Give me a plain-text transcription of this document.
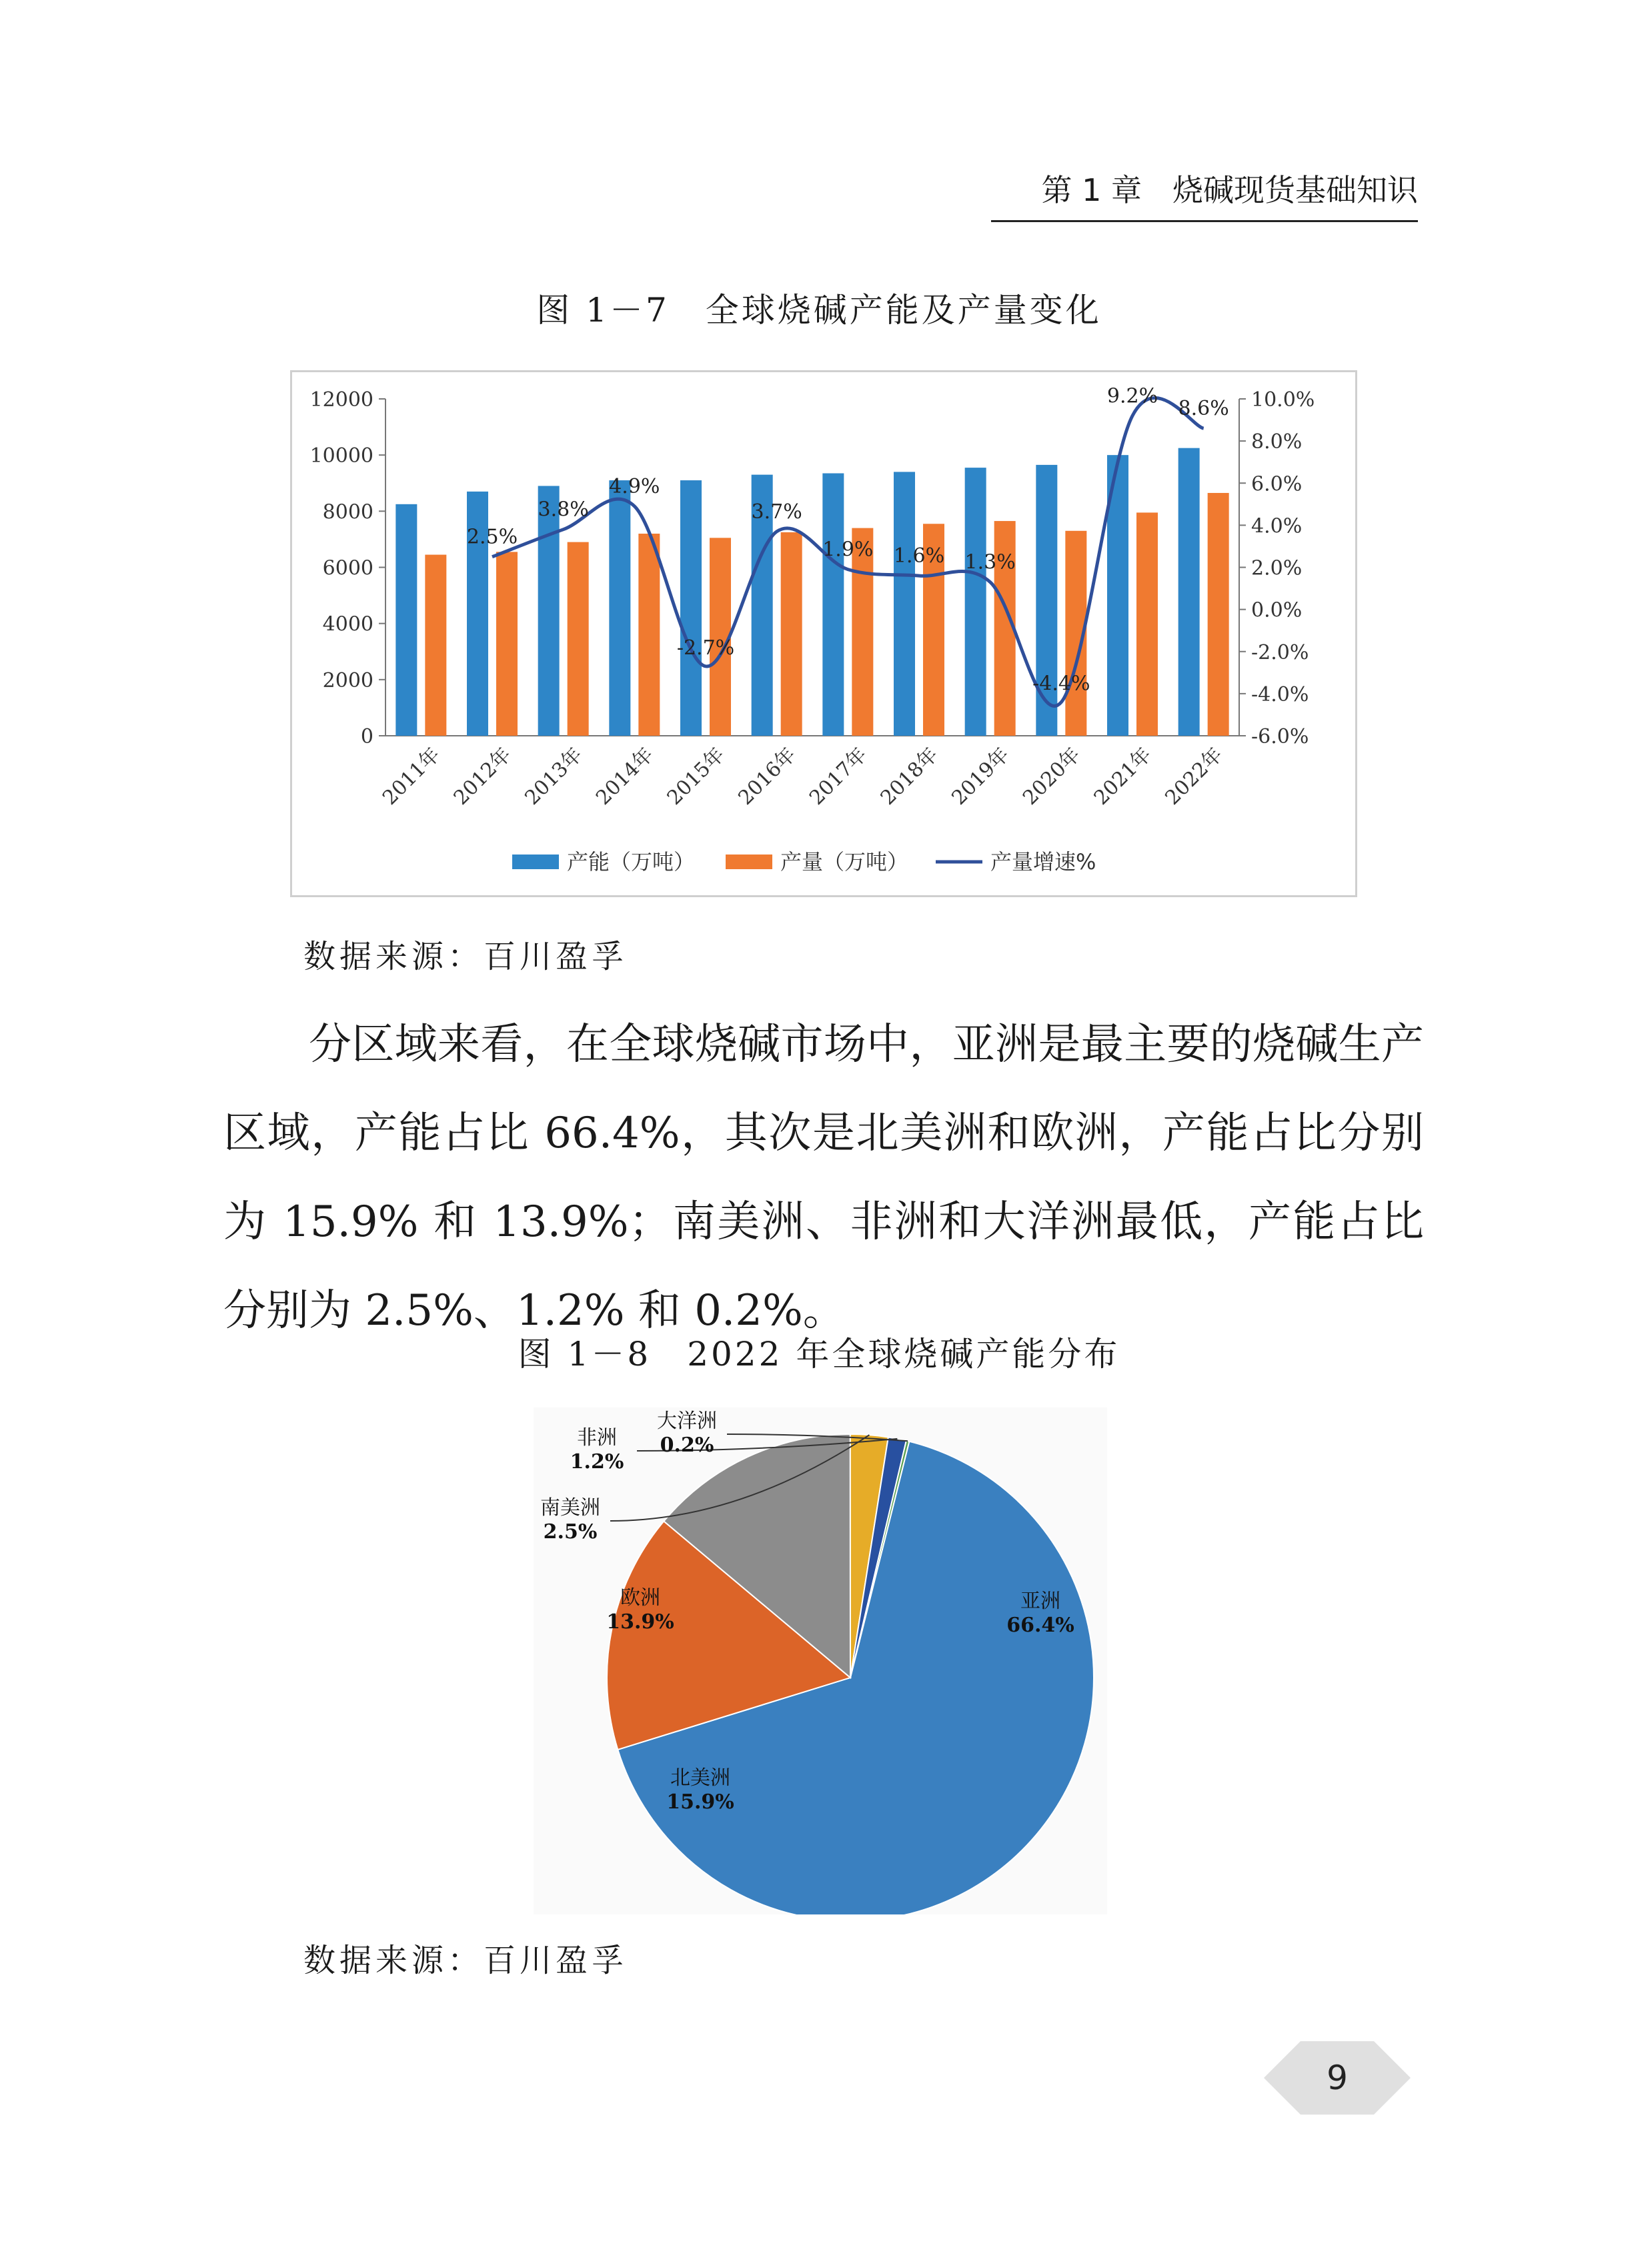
第 1 章　烧碱现货基础知识
图 1－7　全球烧碱产能及产量变化
0
2000
4000
6000
8000
10000
12000
-6.0%
-4.0%
-2.0%
0.0%
2.0%
4.0%
6.0%
8.0%
10.0%
2011年 2012年 2013年 2014年 2015年 2016年 2017年 2018年 2019年 2020年 2021年 2022年
2.5%
3.8%
4.9%
-2.7%
3.7%
1.9% 1.6% 1.3%
-4.4%
9.2%
8.6%
产能（万吨）	产量（万吨）	产量增速%
数据来源：百川盈孚

分区域来看，在全球烧碱市场中，亚洲是最主要的烧碱生产区域，产能占比 66.4%，其次是北美洲和欧洲，产能占比分别为 15.9% 和 13.9%；南美洲、非洲和大洋洲最低，产能占比分别为 2.5%、1.2% 和 0.2%。

图 1－8　2022 年全球烧碱产能分布
亚洲
66.4%
北美洲
15.9%
欧洲
13.9%
南美洲
2.5%
非洲
1.2%
大洋洲
0.2%
数据来源：百川盈孚
9
